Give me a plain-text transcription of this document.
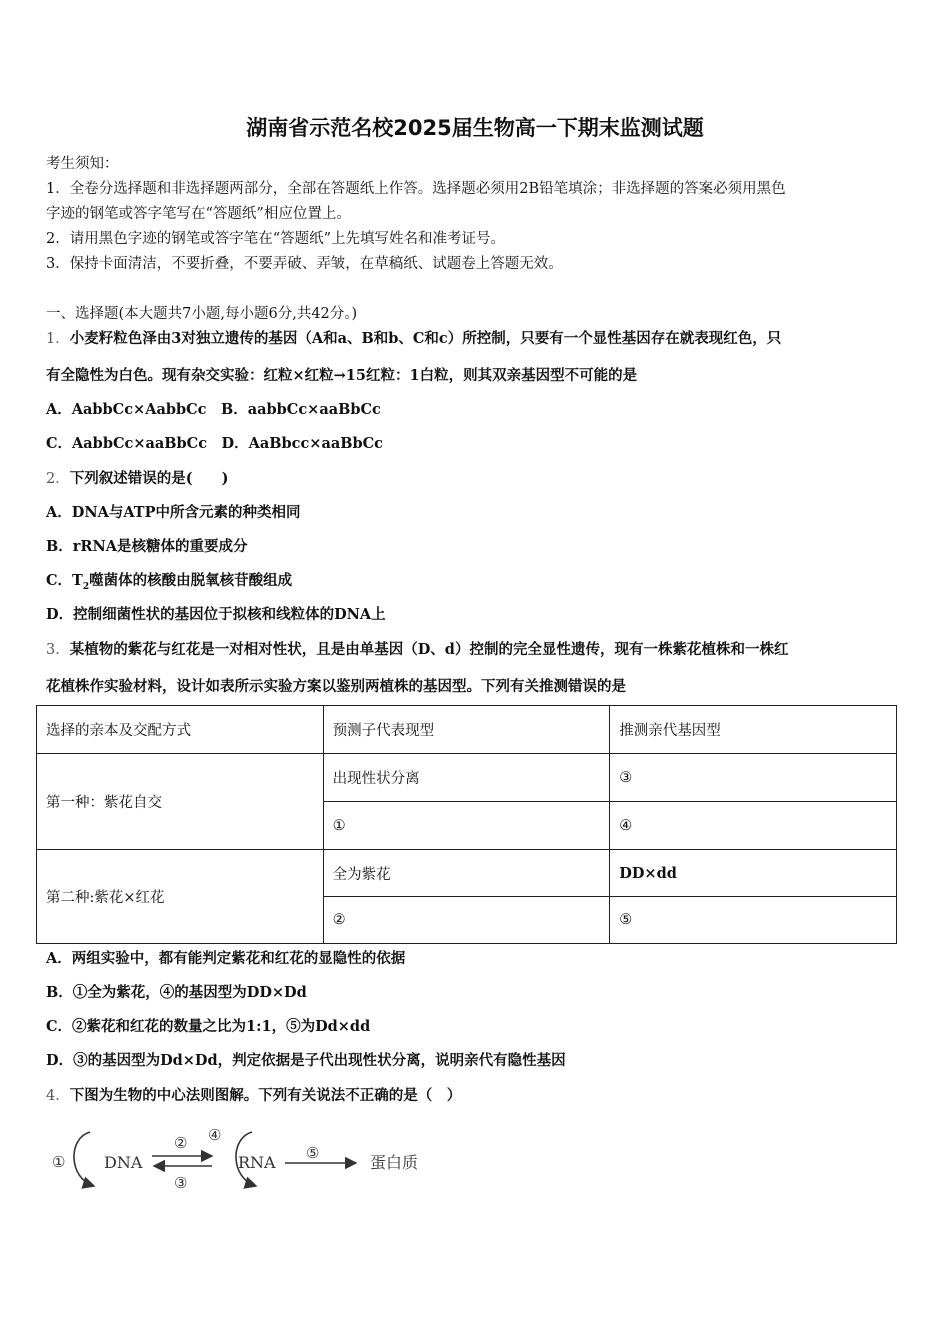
湖南省示范名校2025届生物高一下期末监测试题
考生须知：
1．全卷分选择题和非选择题两部分，全部在答题纸上作答。选择题必须用2B铅笔填涂；非选择题的答案必须用黑色
字迹的钢笔或答字笔写在“答题纸”相应位置上。
2．请用黑色字迹的钢笔或答字笔在“答题纸”上先填写姓名和准考证号。
3．保持卡面清洁，不要折叠，不要弄破、弄皱，在草稿纸、试题卷上答题无效。
一、选择题(本大题共7小题,每小题6分,共42分。)
1．小麦籽粒色泽由3对独立遗传的基因（A和a、B和b、C和c）所控制，只要有一个显性基因存在就表现红色，只
有全隐性为白色。现有杂交实验：红粒×红粒→15红粒：1白粒，则其双亲基因型不可能的是
A．AabbCc×AabbCc　B．aabbCc×aaBbCc
C．AabbCc×aaBbCc　D．AaBbcc×aaBbCc
2．下列叙述错误的是(　　)
A．DNA与ATP中所含元素的种类相同
B．rRNA是核糖体的重要成分
C．$T_2$噬菌体的核酸由脱氧核苷酸组成
D．控制细菌性状的基因位于拟核和线粒体的DNA上
3．某植物的紫花与红花是一对相对性状，且是由单基因（D、d）控制的完全显性遗传，现有一株紫花植株和一株红
花植株作实验材料，设计如表所示实验方案以鉴别两植株的基因型。下列有关推测错误的是
选择的亲本及交配方式	预测子代表现型	推测亲代基因型
第一种：紫花自交	出现性状分离	③
	①	④
第二种:紫花×红花	全为紫花	DD×dd
	②	⑤
A．两组实验中，都有能判定紫花和红花的显隐性的依据
B．①全为紫花，④的基因型为DD×Dd
C．②紫花和红花的数量之比为1:1，⑤为Dd×dd
D．③的基因型为Dd×Dd，判定依据是子代出现性状分离，说明亲代有隐性基因
4．下图为生物的中心法则图解。下列有关说法不正确的是（　）
① DNA
②
③
④
RNA ⑤	蛋白质
